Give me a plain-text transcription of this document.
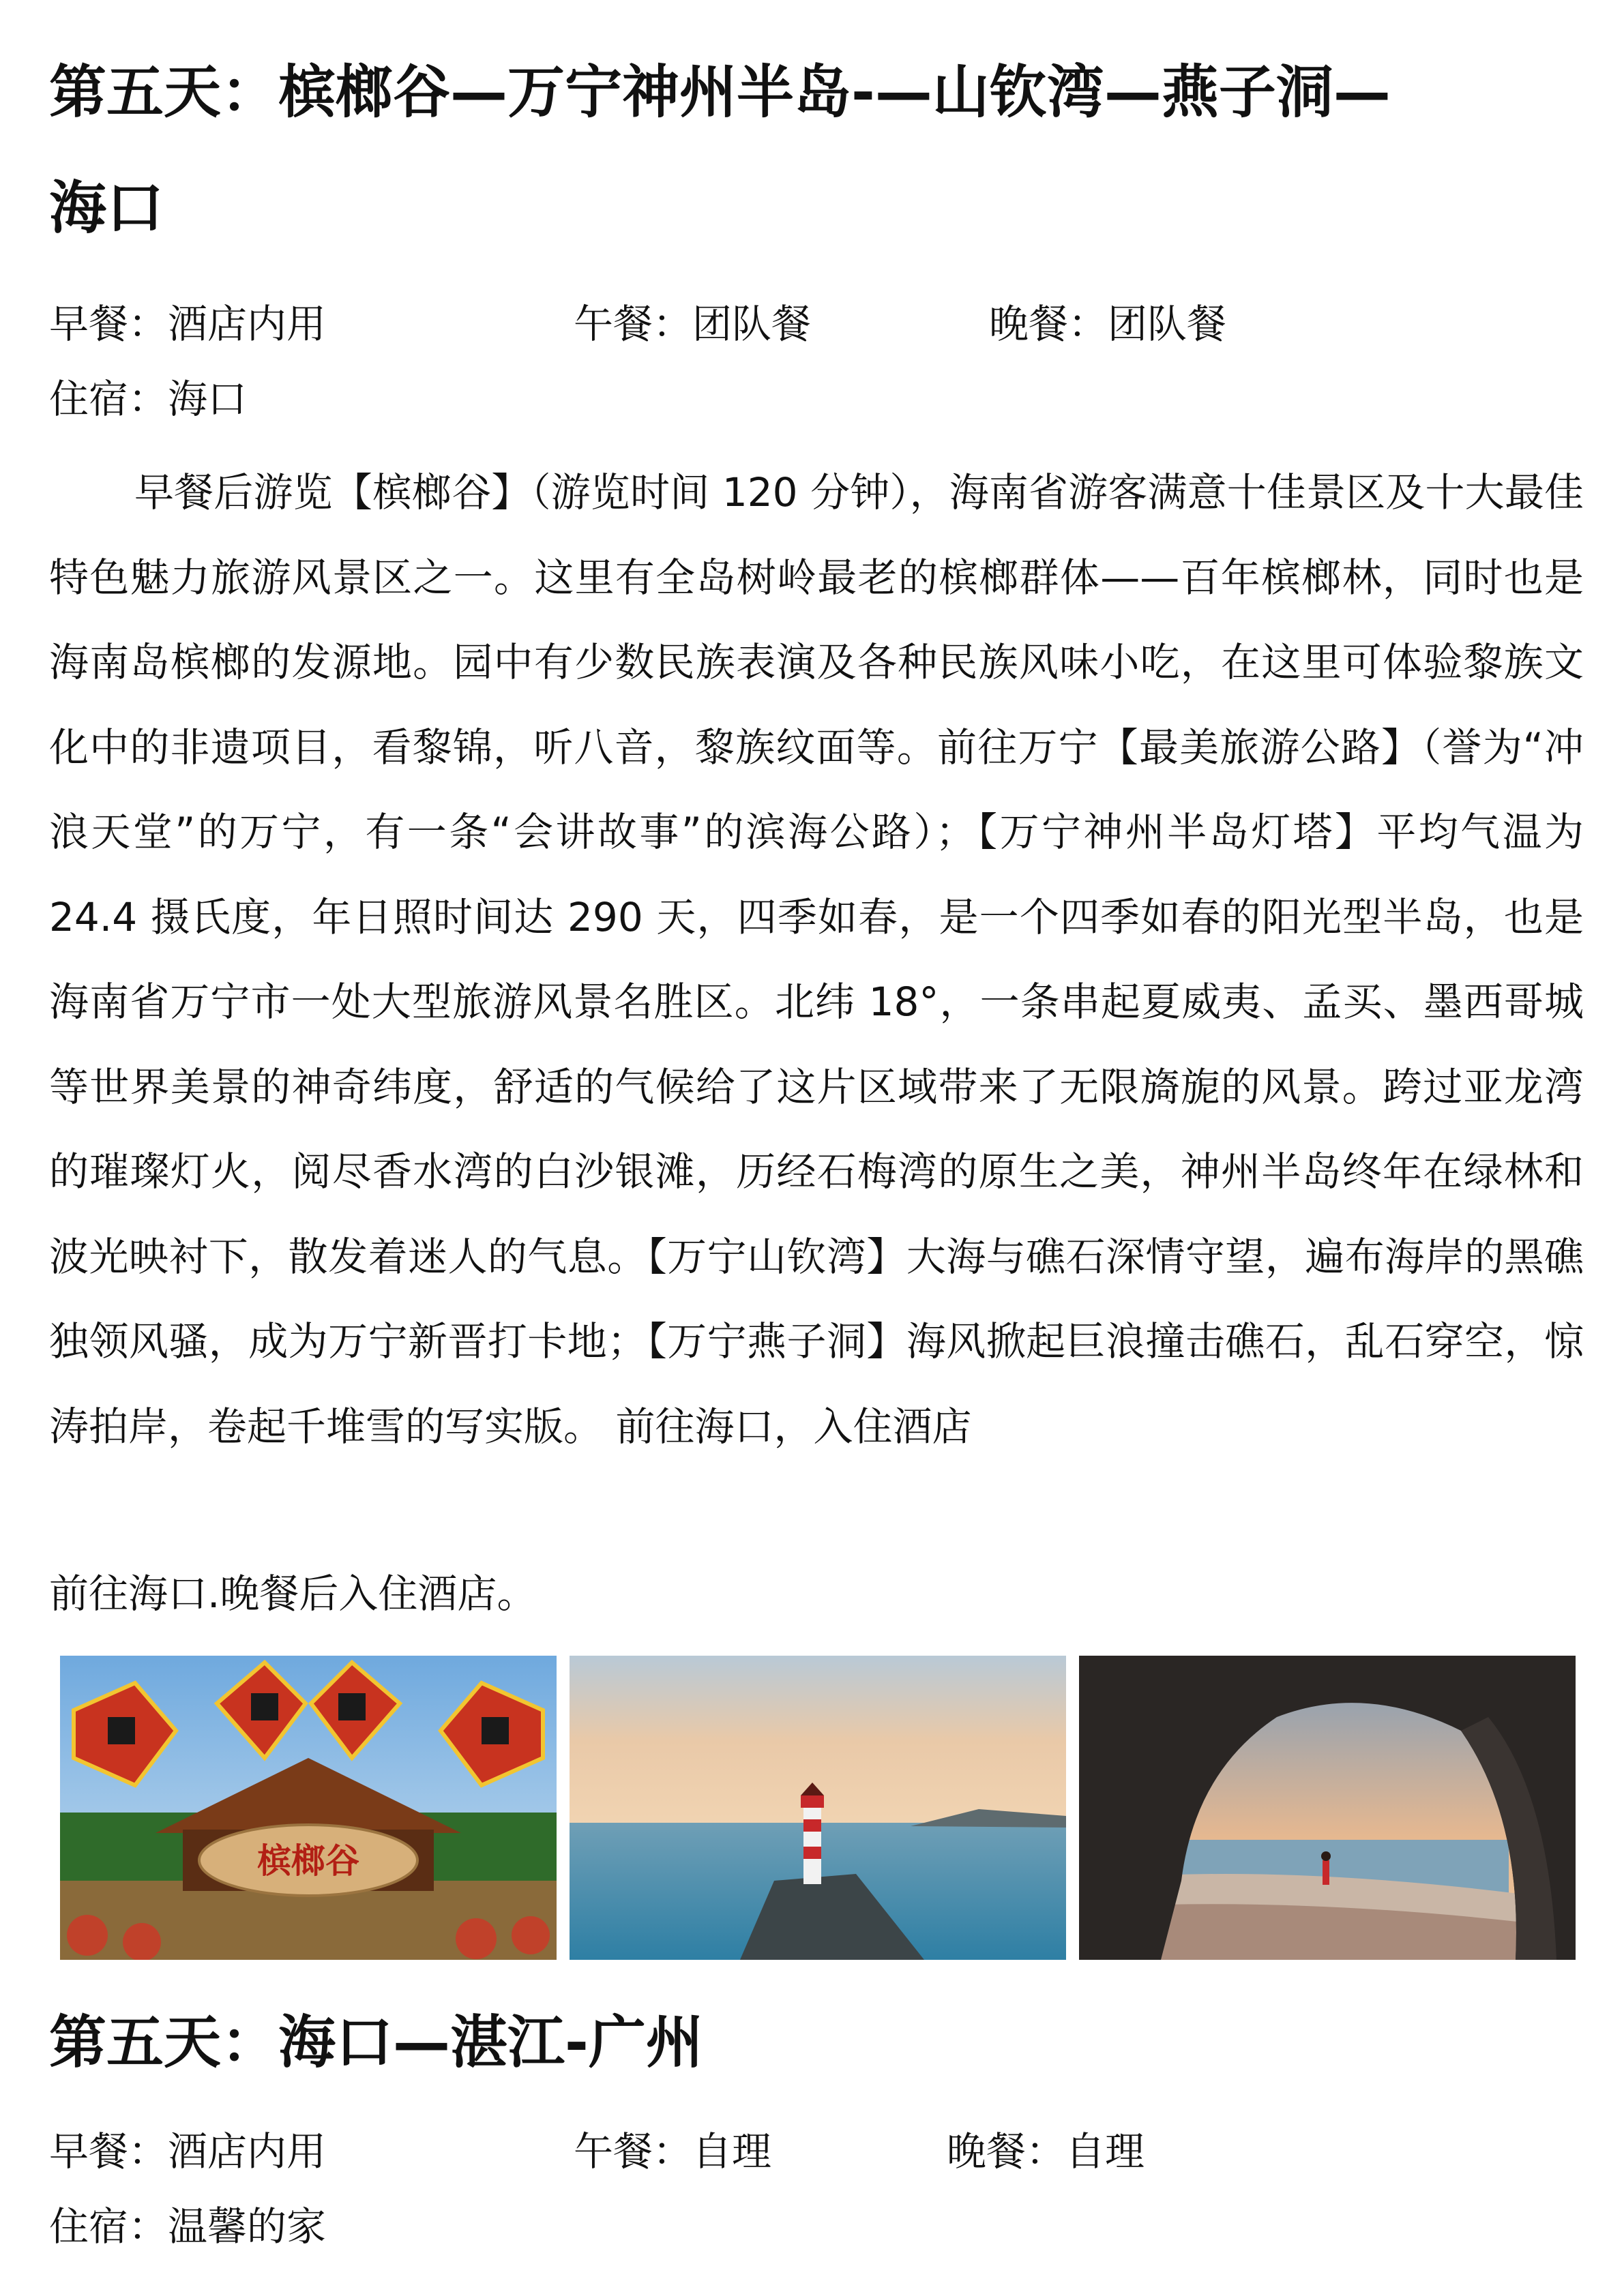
第五天：槟榔谷—万宁神州半岛-—山钦湾—燕子洞—
海口
早餐：酒店内用	午餐：团队餐	晚餐：团队餐
住宿：海口

早餐后游览【槟榔谷】（游览时间 120 分钟），海南省游客满意十佳景区及十大最佳特色魅力旅游风景区之一。这里有全岛树岭最老的槟榔群体——百年槟榔林，同时也是海南岛槟榔的发源地。园中有少数民族表演及各种民族风味小吃，在这里可体验黎族文化中的非遗项目，看黎锦，听八音，黎族纹面等。前往万宁【最美旅游公路】（誉为“冲浪天堂”的万宁，有一条“会讲故事”的滨海公路）；【万宁神州半岛灯塔】平均气温为 24.4 摄氏度，年日照时间达 290 天，四季如春，是一个四季如春的阳光型半岛，也是海南省万宁市一处大型旅游风景名胜区。北纬 18°，一条串起夏威夷、孟买、墨西哥城等世界美景的神奇纬度，舒适的气候给了这片区域带来了无限旖旎的风景。跨过亚龙湾的璀璨灯火，阅尽香水湾的白沙银滩，历经石梅湾的原生之美，神州半岛终年在绿林和波光映衬下，散发着迷人的气息。【万宁山钦湾】大海与礁石深情守望，遍布海岸的黑礁独领风骚，成为万宁新晋打卡地；【万宁燕子洞】海风掀起巨浪撞击礁石，乱石穿空，惊涛拍岸，卷起千堆雪的写实版。 前往海口，入住酒店

前往海口.晚餐后入住酒店。
槟榔谷
第五天：海口—湛江-广州
早餐：酒店内用	午餐：自理	晚餐：自理
住宿：温馨的家
